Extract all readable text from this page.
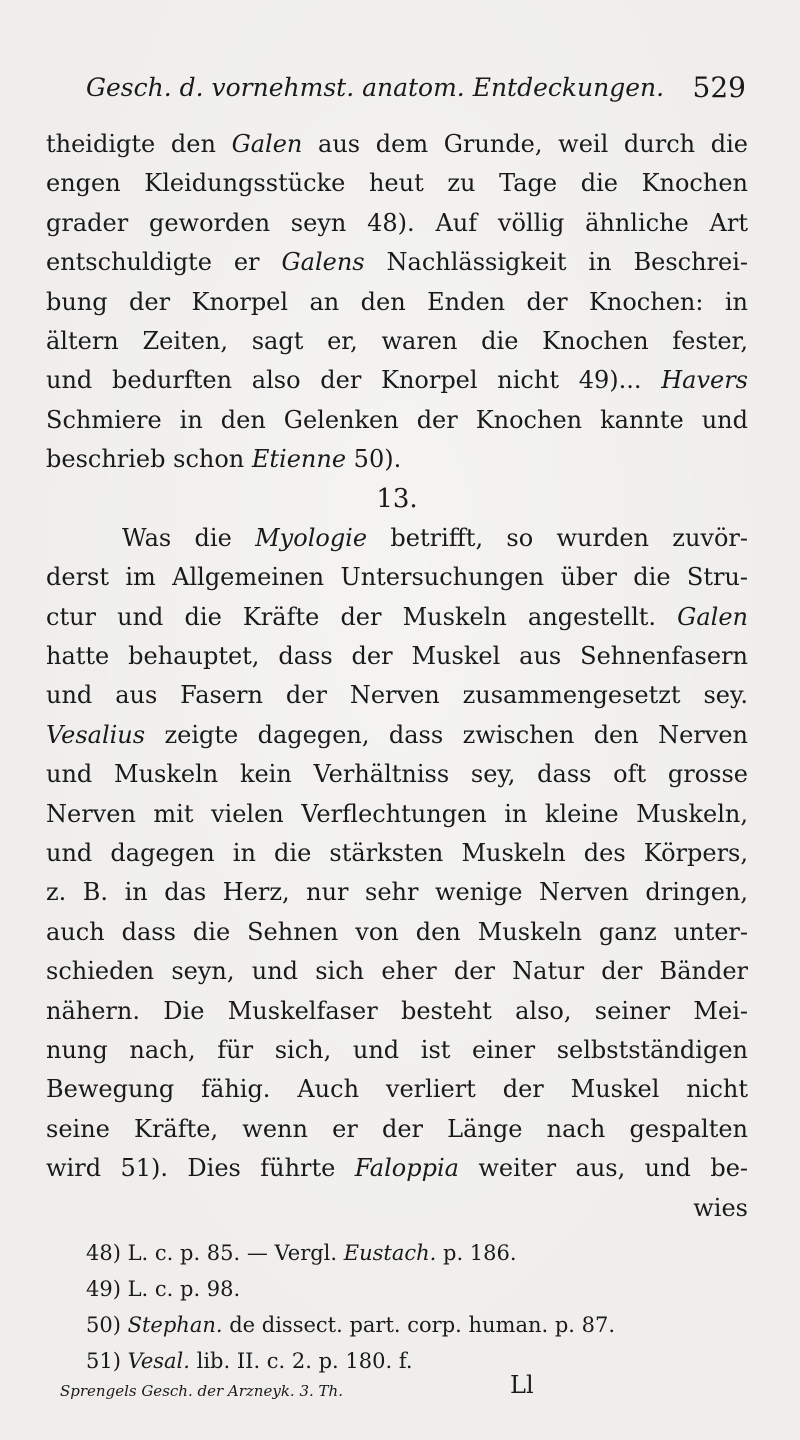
Gesch. d. vornehmst. anatom. Entdeckungen. 529
theidigte den Galen aus dem Grunde, weil durch die
engen Kleidungsstücke heut zu Tage die Knochen
grader geworden seyn 48). Auf völlig ähnliche Art
entschuldigte er Galens Nachlässigkeit in Beschrei-
bung der Knorpel an den Enden der Knochen: in
ältern Zeiten, sagt er, waren die Knochen fester,
und bedurften also der Knorpel nicht 49)... Havers
Schmiere in den Gelenken der Knochen kannte und
beschrieb schon Etienne 50).
13.
Was die Myologie betrifft, so wurden zuvör-
derst im Allgemeinen Untersuchungen über die Stru-
ctur und die Kräfte der Muskeln angestellt. Galen
hatte behauptet, dass der Muskel aus Sehnenfasern
und aus Fasern der Nerven zusammengesetzt sey.
Vesalius zeigte dagegen, dass zwischen den Nerven
und Muskeln kein Verhältniss sey, dass oft grosse
Nerven mit vielen Verflechtungen in kleine Muskeln,
und dagegen in die stärksten Muskeln des Körpers,
z. B. in das Herz, nur sehr wenige Nerven dringen,
auch dass die Sehnen von den Muskeln ganz unter-
schieden seyn, und sich eher der Natur der Bänder
nähern. Die Muskelfaser besteht also, seiner Mei-
nung nach, für sich, und ist einer selbstständigen
Bewegung fähig. Auch verliert der Muskel nicht
seine Kräfte, wenn er der Länge nach gespalten
wird 51). Dies führte Faloppia weiter aus, und be-
wies
48) L. c. p. 85. — Vergl. Eustach. p. 186.
49) L. c. p. 98.
50) Stephan. de dissect. part. corp. human. p. 87.
51) Vesal. lib. II. c. 2. p. 180. f.
Sprengels Gesch. der Arzneyk. 3. Th.	Ll
